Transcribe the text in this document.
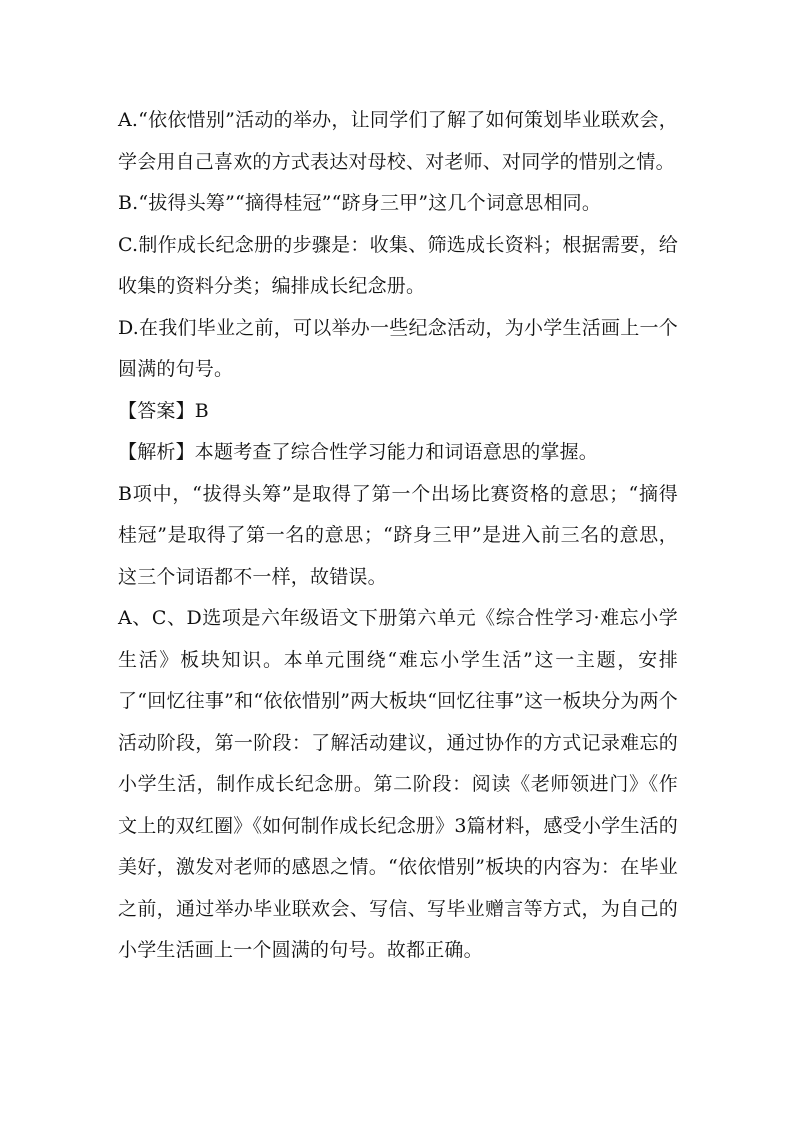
A.“依依惜别”活动的举办，让同学们了解了如何策划毕业联欢会，学会用自己喜欢的方式表达对母校、对老师、对同学的惜别之情。

B.“拔得头筹”“摘得桂冠”“跻身三甲”这几个词意思相同。

C.制作成长纪念册的步骤是：收集、筛选成长资料；根据需要，给收集的资料分类；编排成长纪念册。

D.在我们毕业之前，可以举办一些纪念活动，为小学生活画上一个圆满的句号。

【答案】B

【解析】本题考查了综合性学习能力和词语意思的掌握。

B项中，“拔得头筹”是取得了第一个出场比赛资格的意思；“摘得桂冠”是取得了第一名的意思；“跻身三甲”是进入前三名的意思，这三个词语都不一样，故错误。

A、C、D选项是六年级语文下册第六单元《综合性学习·难忘小学生活》板块知识。本单元围绕“难忘小学生活”这一主题，安排了“回忆往事”和“依依惜别”两大板块“回忆往事”这一板块分为两个活动阶段，第一阶段：了解活动建议，通过协作的方式记录难忘的小学生活，制作成长纪念册。第二阶段：阅读《老师领进门》《作文上的双红圈》《如何制作成长纪念册》3篇材料，感受小学生活的美好，激发对老师的感恩之情。“依依惜别”板块的内容为：在毕业之前，通过举办毕业联欢会、写信、写毕业赠言等方式，为自己的小学生活画上一个圆满的句号。故都正确。
